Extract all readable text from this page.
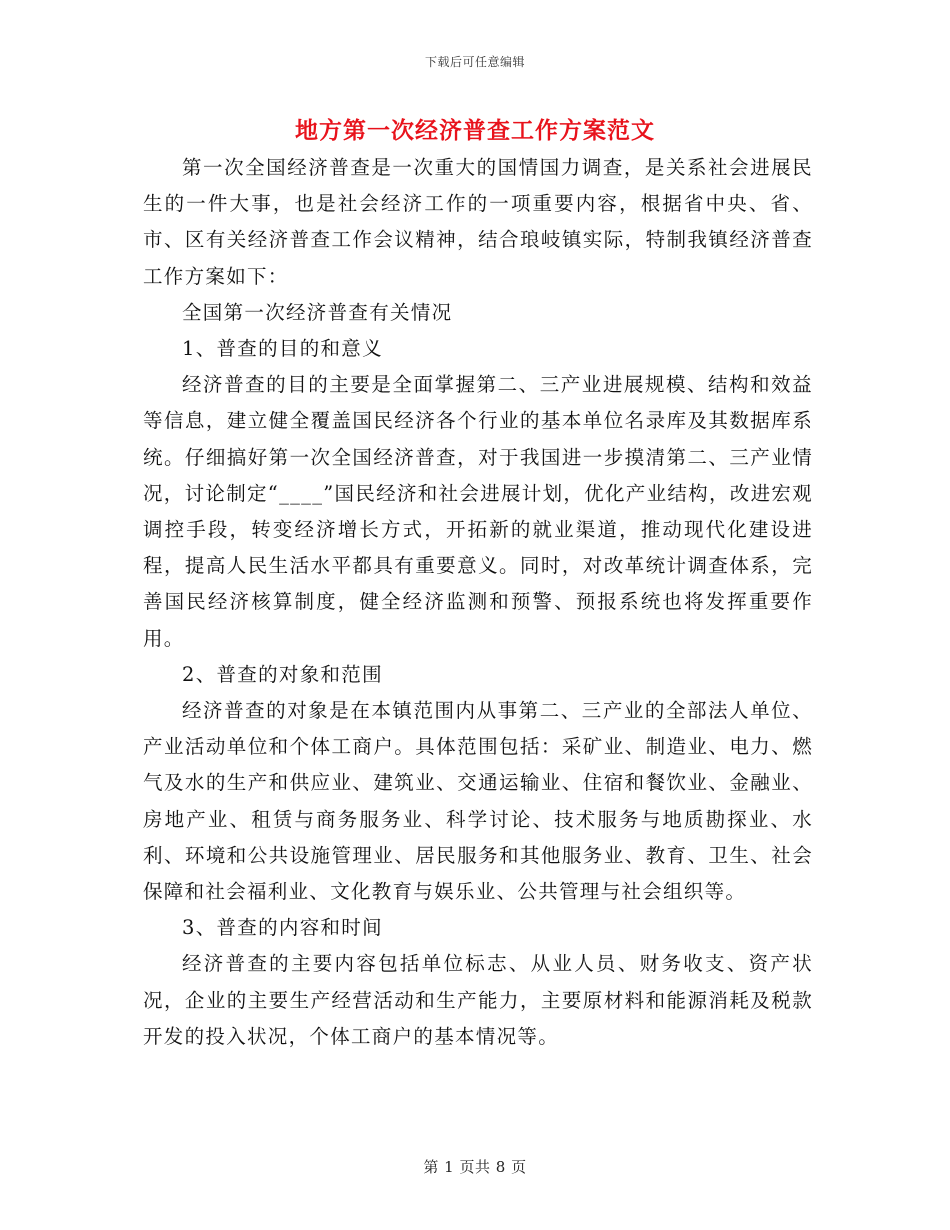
下载后可任意编辑
地方第一次经济普查工作方案范文

第一次全国经济普查是一次重大的国情国力调查，是关系社会进展民生的一件大事，也是社会经济工作的一项重要内容，根据省中央、省、市、区有关经济普查工作会议精神，结合琅岐镇实际，特制我镇经济普查工作方案如下：

全国第一次经济普查有关情况

1、普查的目的和意义

经济普查的目的主要是全面掌握第二、三产业进展规模、结构和效益等信息，建立健全覆盖国民经济各个行业的基本单位名录库及其数据库系统。仔细搞好第一次全国经济普查，对于我国进一步摸清第二、三产业情况，讨论制定“____”国民经济和社会进展计划，优化产业结构，改进宏观调控手段，转变经济增长方式，开拓新的就业渠道，推动现代化建设进程，提高人民生活水平都具有重要意义。同时，对改革统计调查体系，完善国民经济核算制度，健全经济监测和预警、预报系统也将发挥重要作用。

2、普查的对象和范围

经济普查的对象是在本镇范围内从事第二、三产业的全部法人单位、产业活动单位和个体工商户。具体范围包括：采矿业、制造业、电力、燃气及水的生产和供应业、建筑业、交通运输业、住宿和餐饮业、金融业、房地产业、租赁与商务服务业、科学讨论、技术服务与地质勘探业、水利、环境和公共设施管理业、居民服务和其他服务业、教育、卫生、社会保障和社会福利业、文化教育与娱乐业、公共管理与社会组织等。

3、普查的内容和时间

经济普查的主要内容包括单位标志、从业人员、财务收支、资产状况，企业的主要生产经营活动和生产能力，主要原材料和能源消耗及税款开发的投入状况，个体工商户的基本情况等。

第 1 页共 8 页
